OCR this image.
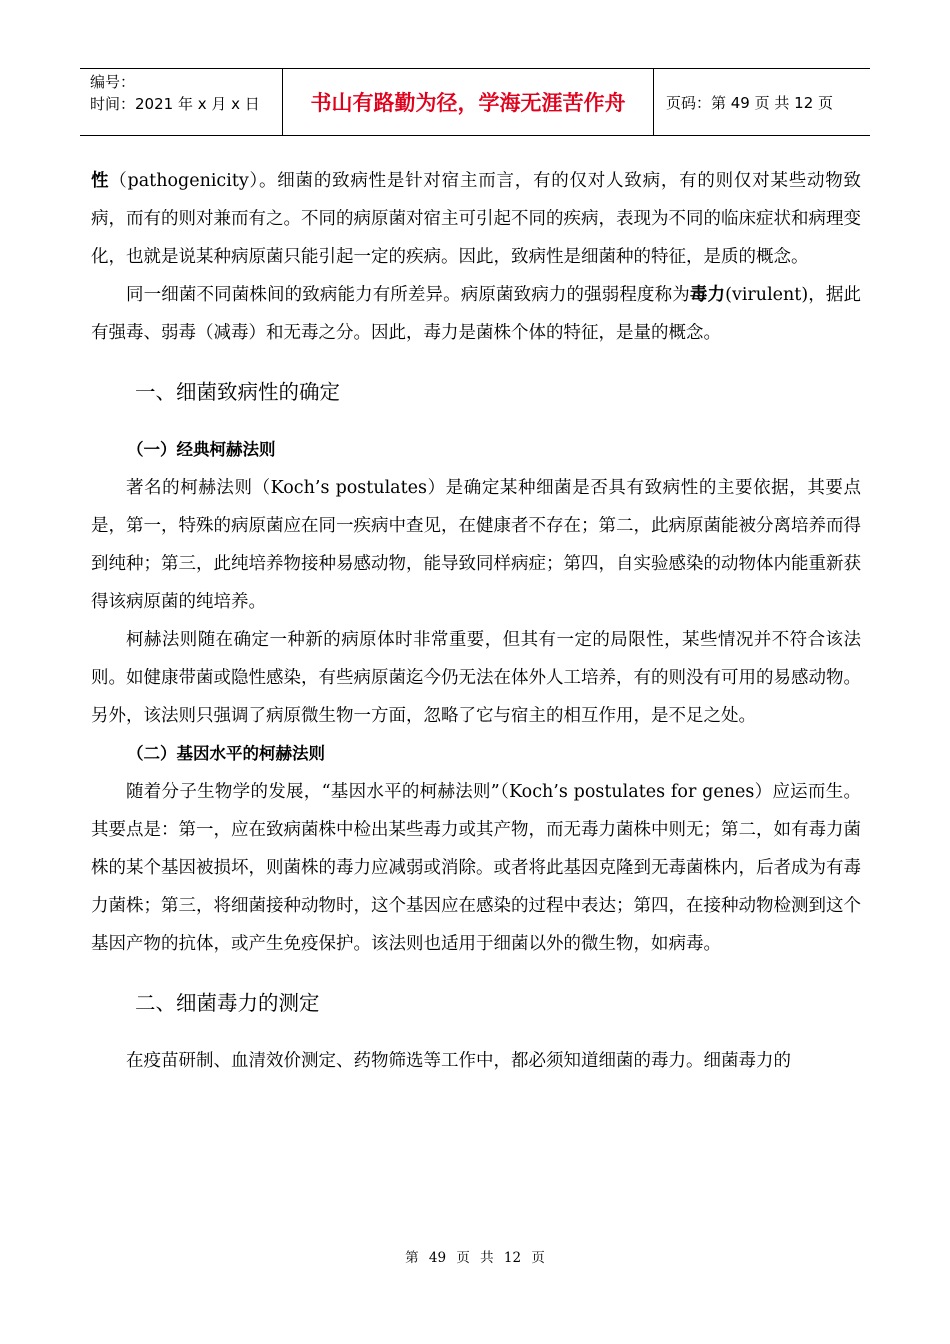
编号：
时间：2021 年 x 月 x 日	书山有路勤为径，学海无涯苦作舟	页码：第 49 页 共 12 页

性（pathogenicity）。细菌的致病性是针对宿主而言，有的仅对人致病，有的则仅对某些动物致病，而有的则对兼而有之。不同的病原菌对宿主可引起不同的疾病，表现为不同的临床症状和病理变化，也就是说某种病原菌只能引起一定的疾病。因此，致病性是细菌种的特征，是质的概念。

同一细菌不同菌株间的致病能力有所差异。病原菌致病力的强弱程度称为毒力(virulent)，据此有强毒、弱毒（减毒）和无毒之分。因此，毒力是菌株个体的特征，是量的概念。

一、细菌致病性的确定
（一）经典柯赫法则

著名的柯赫法则（Koch’s postulates）是确定某种细菌是否具有致病性的主要依据，其要点是，第一，特殊的病原菌应在同一疾病中查见，在健康者不存在；第二，此病原菌能被分离培养而得到纯种；第三，此纯培养物接种易感动物，能导致同样病症；第四，自实验感染的动物体内能重新获得该病原菌的纯培养。

柯赫法则随在确定一种新的病原体时非常重要，但其有一定的局限性，某些情况并不符合该法则。如健康带菌或隐性感染，有些病原菌迄今仍无法在体外人工培养，有的则没有可用的易感动物。另外，该法则只强调了病原微生物一方面，忽略了它与宿主的相互作用，是不足之处。

（二）基因水平的柯赫法则

随着分子生物学的发展，“基因水平的柯赫法则”（Koch’s postulates for genes）应运而生。其要点是：第一，应在致病菌株中检出某些毒力或其产物，而无毒力菌株中则无；第二，如有毒力菌株的某个基因被损坏，则菌株的毒力应减弱或消除。或者将此基因克隆到无毒菌株内，后者成为有毒力菌株；第三，将细菌接种动物时，这个基因应在感染的过程中表达；第四，在接种动物检测到这个基因产物的抗体，或产生免疫保护。该法则也适用于细菌以外的微生物，如病毒。

二、细菌毒力的测定

在疫苗研制、血清效价测定、药物筛选等工作中，都必须知道细菌的毒力。细菌毒力的

第 49 页 共 12 页
